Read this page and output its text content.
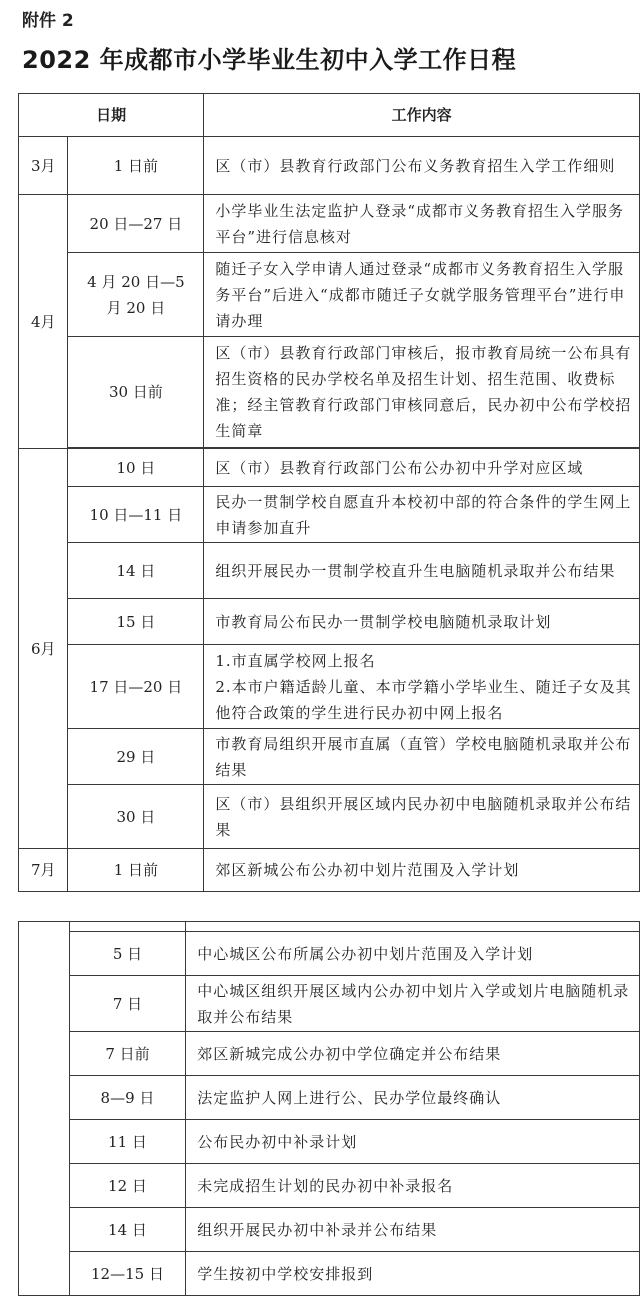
附件 2
2022 年成都市小学毕业生初中入学工作日程
日期		工作内容
3月	1 日前	区（市）县教育行政部门公布义务教育招生入学工作细则
4月	20 日—27 日	小学毕业生法定监护人登录“成都市义务教育招生入学服务平台”进行信息核对
	4 月 20 日—5 月 20 日	随迁子女入学申请人通过登录“成都市义务教育招生入学服务平台”后进入“成都市随迁子女就学服务管理平台”进行申请办理
	30 日前	区（市）县教育行政部门审核后，报市教育局统一公布具有招生资格的民办学校名单及招生计划、招生范围、收费标准；经主管教育行政部门审核同意后，民办初中公布学校招生简章

6月	10 日	区（市）县教育行政部门公布公办初中升学对应区域
	10 日—11 日	民办一贯制学校自愿直升本校初中部的符合条件的学生网上申请参加直升
	14 日	组织开展民办一贯制学校直升生电脑随机录取并公布结果
	15 日	市教育局公布民办一贯制学校电脑随机录取计划
	17 日—20 日	1.市直属学校网上报名
2.本市户籍适龄儿童、本市学籍小学毕业生、随迁子女及其他符合政策的学生进行民办初中网上报名

	29 日	市教育局组织开展市直属（直管）学校电脑随机录取并公布结果
	30 日	区（市）县组织开展区域内民办初中电脑随机录取并公布结果
7月	1 日前	郊区新城公布公办初中划片范围及入学计划

	5 日	中心城区公布所属公办初中划片范围及入学计划
	7 日	中心城区组织开展区域内公办初中划片入学或划片电脑随机录取并公布结果
	7 日前	郊区新城完成公办初中学位确定并公布结果
	8—9 日	法定监护人网上进行公、民办学位最终确认
	11 日	公布民办初中补录计划
	12 日	未完成招生计划的民办初中补录报名
	14 日	组织开展民办初中补录并公布结果
	12—15 日	学生按初中学校安排报到
